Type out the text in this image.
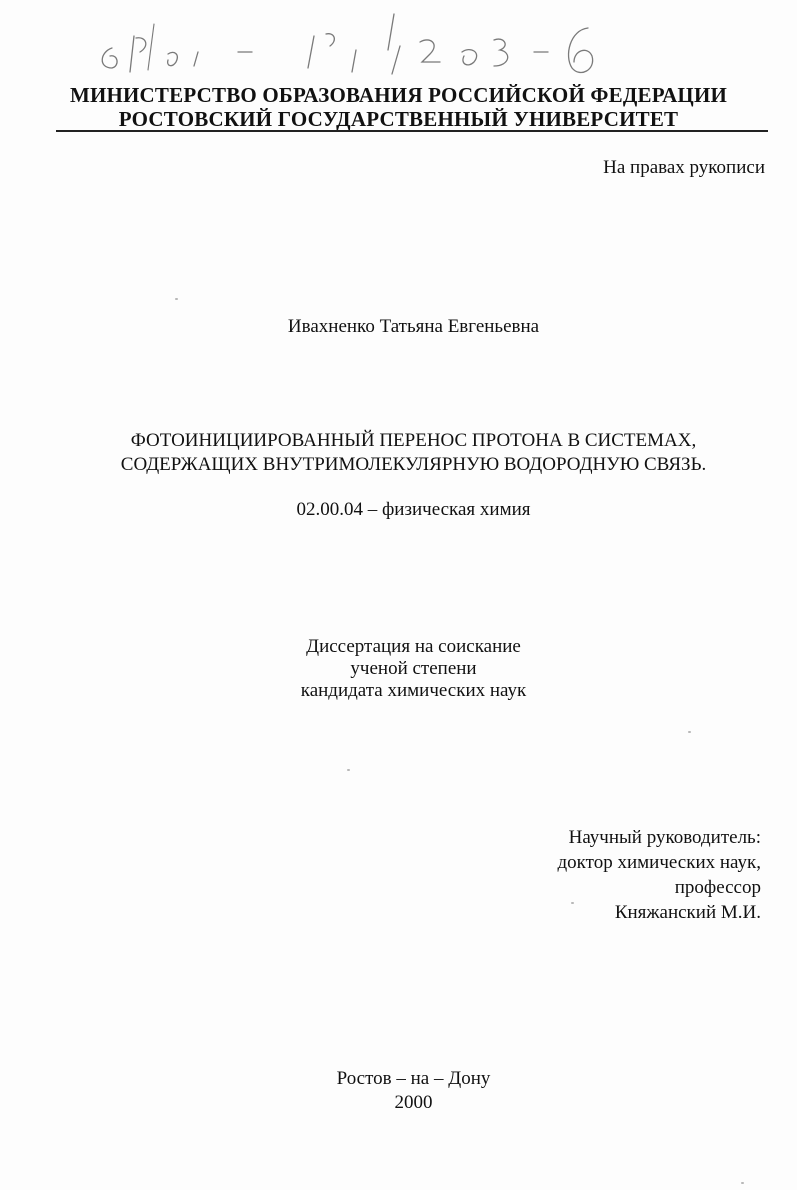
МИНИСТЕРСТВО ОБРАЗОВАНИЯ РОССИЙСКОЙ ФЕДЕРАЦИИ
РОСТОВСКИЙ ГОСУДАРСТВЕННЫЙ УНИВЕРСИТЕТ
На правах рукописи
Ивахненко Татьяна Евгеньевна
ФОТОИНИЦИИРОВАННЫЙ ПЕРЕНОС ПРОТОНА В СИСТЕМАХ,
СОДЕРЖАЩИХ ВНУТРИМОЛЕКУЛЯРНУЮ ВОДОРОДНУЮ СВЯЗЬ.
02.00.04 – физическая химия
Диссертация на соискание
ученой степени
кандидата химических наук
Научный руководитель:
доктор химических наук,
профессор
Княжанский М.И.
Ростов – на – Дону
2000
